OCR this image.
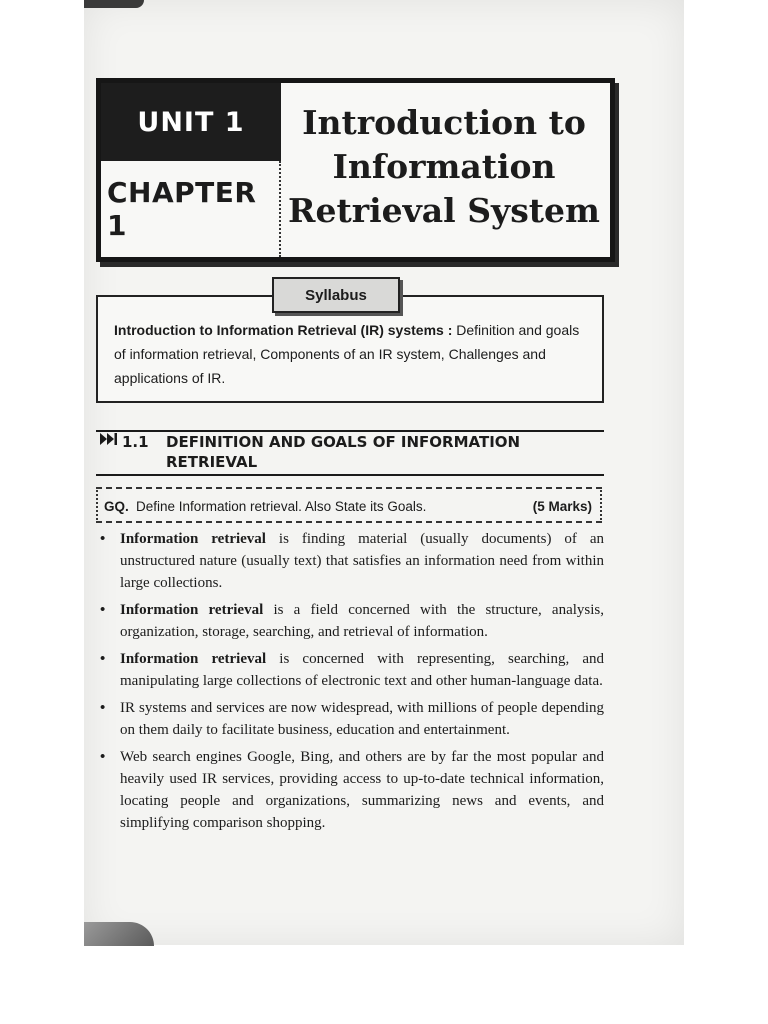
UNIT 1
CHAPTER 1
Introduction to
Information
Retrieval System
Syllabus
Introduction to Information Retrieval (IR) systems : Definition and goals of information retrieval, Components of an IR system, Challenges and applications of IR.
1.1 DEFINITION AND GOALS OF INFORMATION RETRIEVAL
GQ. Define Information retrieval. Also State its Goals.	(5 Marks)
• Information retrieval is finding material (usually documents) of an unstructured nature (usually text) that satisfies an information need from within large collections.
• Information retrieval is a field concerned with the structure, analysis, organization, storage, searching, and retrieval of information.
• Information retrieval is concerned with representing, searching, and manipulating large collections of electronic text and other human-language data.
• IR systems and services are now widespread, with millions of people depending on them daily to facilitate business, education and entertainment.
• Web search engines Google, Bing, and others are by far the most popular and heavily used IR services, providing access to up-to-date technical information, locating people and organizations, summarizing news and events, and simplifying comparison shopping.
